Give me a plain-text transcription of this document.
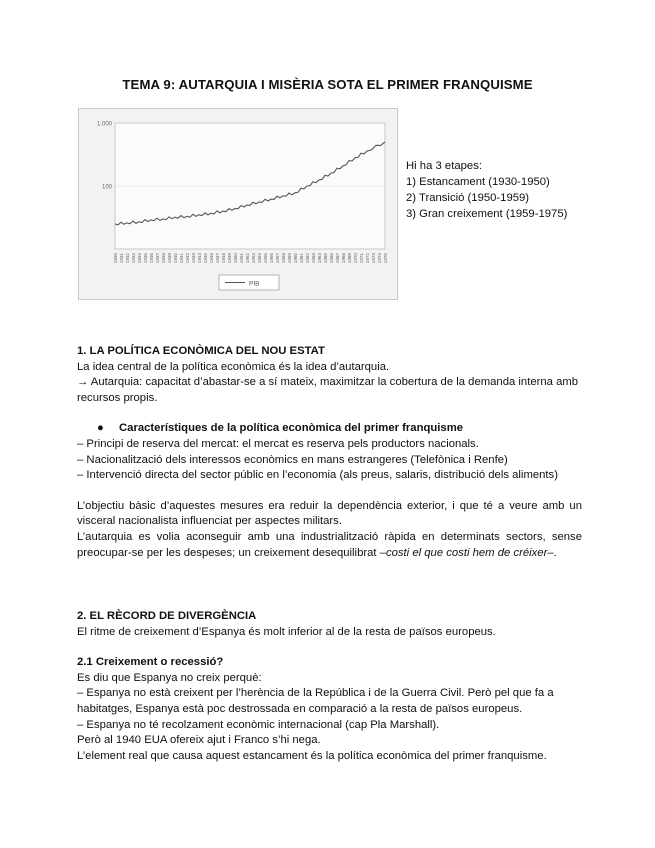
TEMA 9: AUTARQUIA I MISÈRIA SOTA EL PRIMER FRANQUISME
1.000
100
1930 1931 1932 1933 1934 1935 1936 1937 1938 1939 1940 1941 1942 1943 1944 1945 1946 1947 1948 1949 1950 1951 1952 1953 1954 1955 1956 1957 1958 1959 1960 1961 1962 1963 1964 1965 1966 1967 1968 1969 1970 1971 1972 1973 1974 1975
PIB
Hi ha 3 etapes:
1) Estancament (1930-1950)
2) Transició (1950-1959)
3) Gran creixement (1959-1975)

1. LA POLÍTICA ECONÒMICA DEL NOU ESTAT

La idea central de la política econòmica és la idea d’autarquia.

→ Autarquia: capacitat d’abastar-se a sí mateix, maximitzar la cobertura de la demanda interna amb recursos propis.

● Característiques de la política econòmica del primer franquisme

– Principi de reserva del mercat: el mercat es reserva pels productors nacionals.

– Nacionalització dels interessos econòmics en mans estrangeres (Telefònica i Renfe)

– Intervenció directa del sector públic en l’economia (als preus, salaris, distribució dels aliments)

L’objectiu bàsic d’aquestes mesures era reduir la dependència exterior, i que té a veure amb un visceral nacionalista influenciat per aspectes militars.

L’autarquia es volia aconseguir amb una industrialització ràpida en determinats sectors, sense preocupar-se per les despeses; un creixement desequilibrat –costi el que costi hem de créixer–.

2. EL RÈCORD DE DIVERGÈNCIA

El ritme de creixement d’Espanya és molt inferior al de la resta de països europeus.

2.1 Creixement o recessió?

Es diu que Espanya no creix perquè:

– Espanya no està creixent per l’herència de la República i de la Guerra Civil. Però pel que fa a habitatges, Espanya està poc destrossada en comparació a la resta de països europeus.

– Espanya no té recolzament econòmic internacional (cap Pla Marshall).

Però al 1940 EUA ofereix ajut i Franco s’hi nega.

L’element real que causa aquest estancament és la política econòmica del primer franquisme.
